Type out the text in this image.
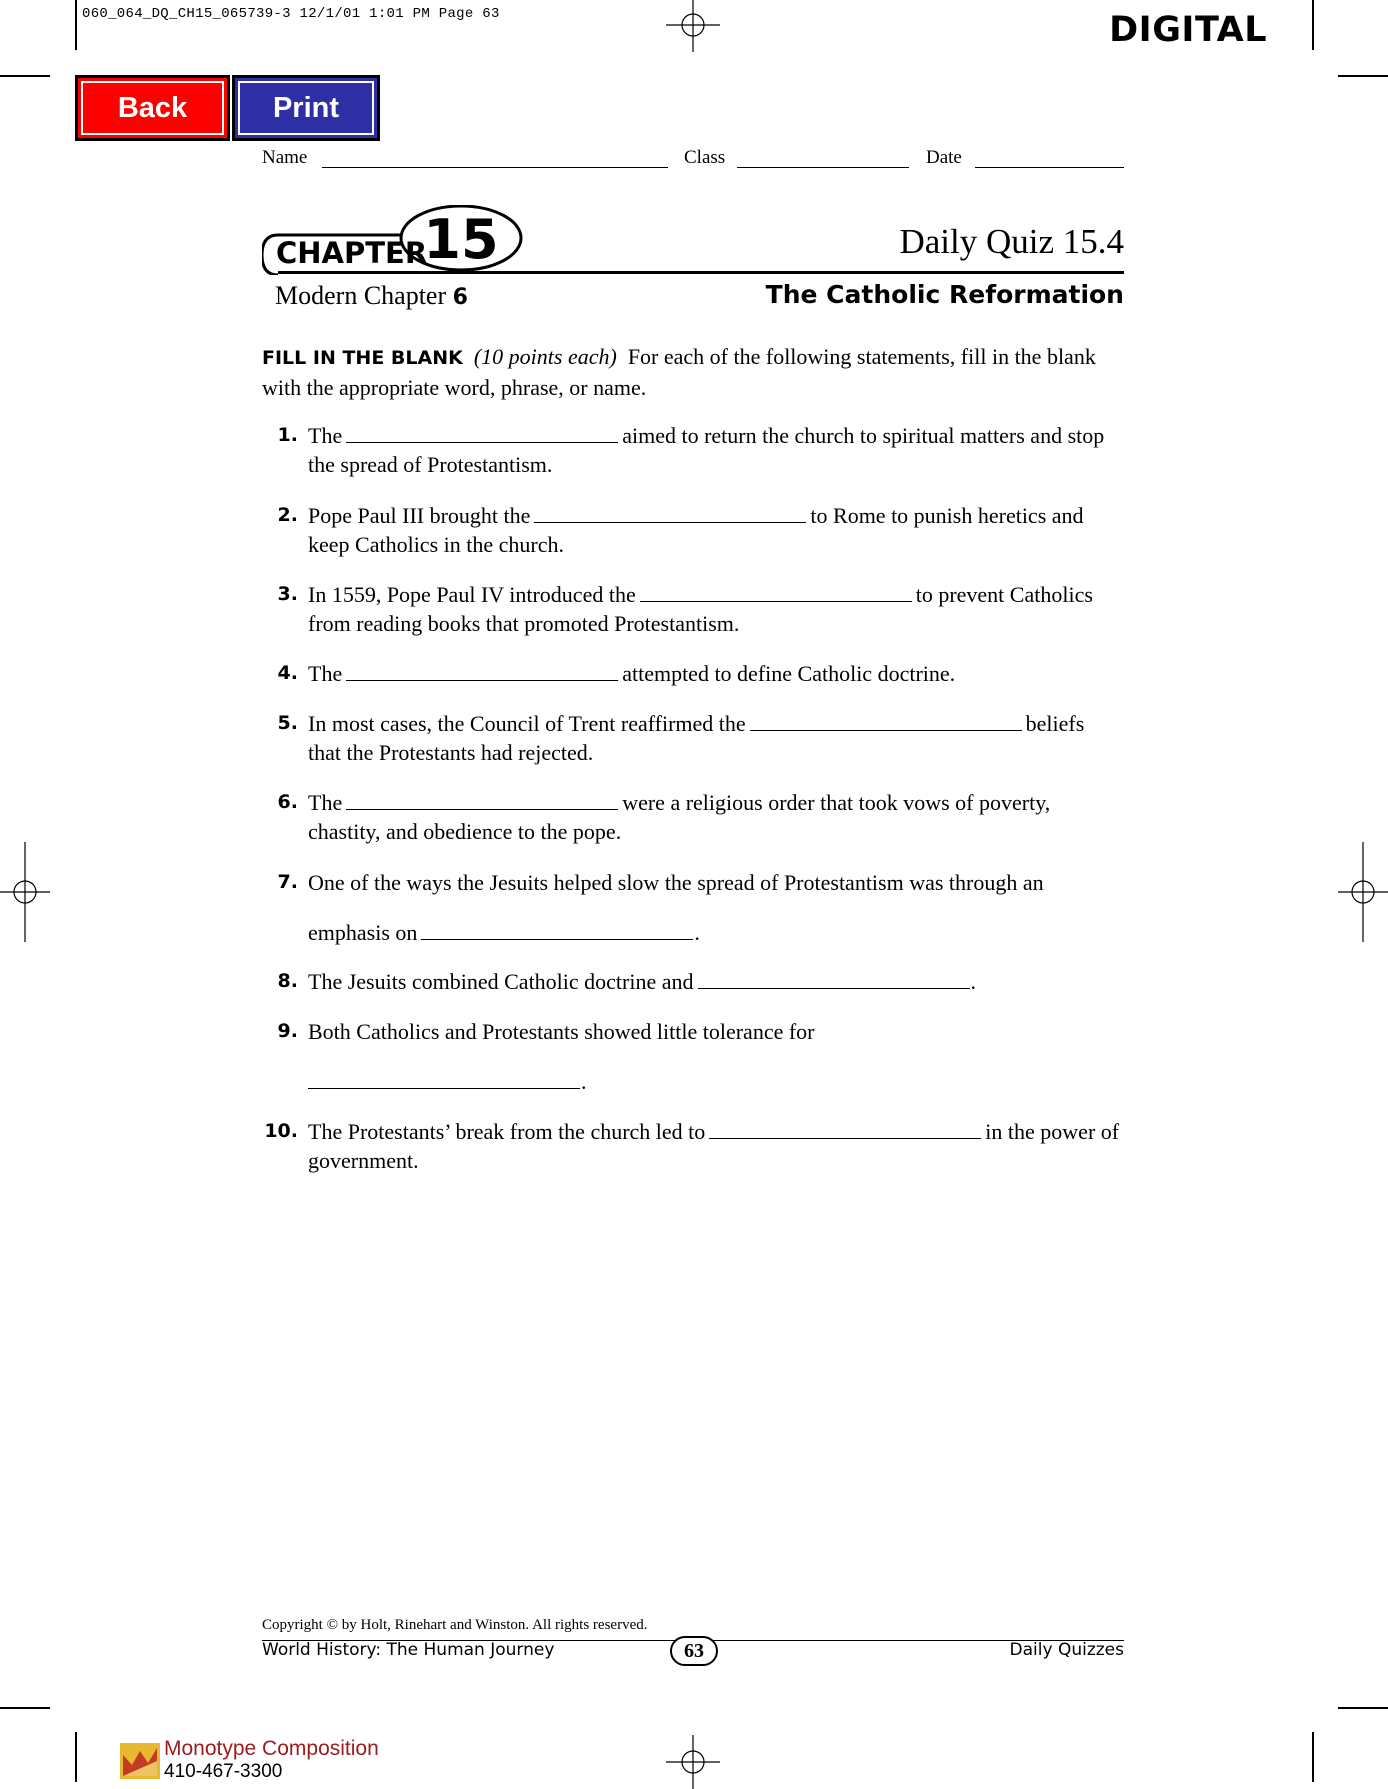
060_064_DQ_CH15_065739-3 12/1/01 1:01 PM Page 63	DIGITAL
Back	Print
Name	Class	Date
CHAPTER
15	Daily Quiz 15.4
Modern Chapter 6	The Catholic Reformation
FILL IN THE BLANK (10 points each) For each of the following statements, fill in the blank with the appropriate word, phrase, or name.
1. The	aimed to return the church to spiritual matters and stop the spread of Protestantism.
2. Pope Paul III brought the	to Rome to punish heretics and keep Catholics in the church.
3. In 1559, Pope Paul IV introduced the	to prevent Catholics from reading books that promoted Protestantism.
4. The	attempted to define Catholic doctrine.
5. In most cases, the Council of Trent reaffirmed the	beliefs that the Protestants had rejected.
6. The	were a religious order that took vows of poverty, chastity, and obedience to the pope.
7. One of the ways the Jesuits helped slow the spread of Protestantism was through an
emphasis on	.
8. The Jesuits combined Catholic doctrine and	.
9. Both Catholics and Protestants showed little tolerance for
.
10. The Protestants’ break from the church led to	in the power of government.
Copyright © by Holt, Rinehart and Winston. All rights reserved.
World History: The Human Journey	63	Daily Quizzes
Monotype Composition
410-467-3300
